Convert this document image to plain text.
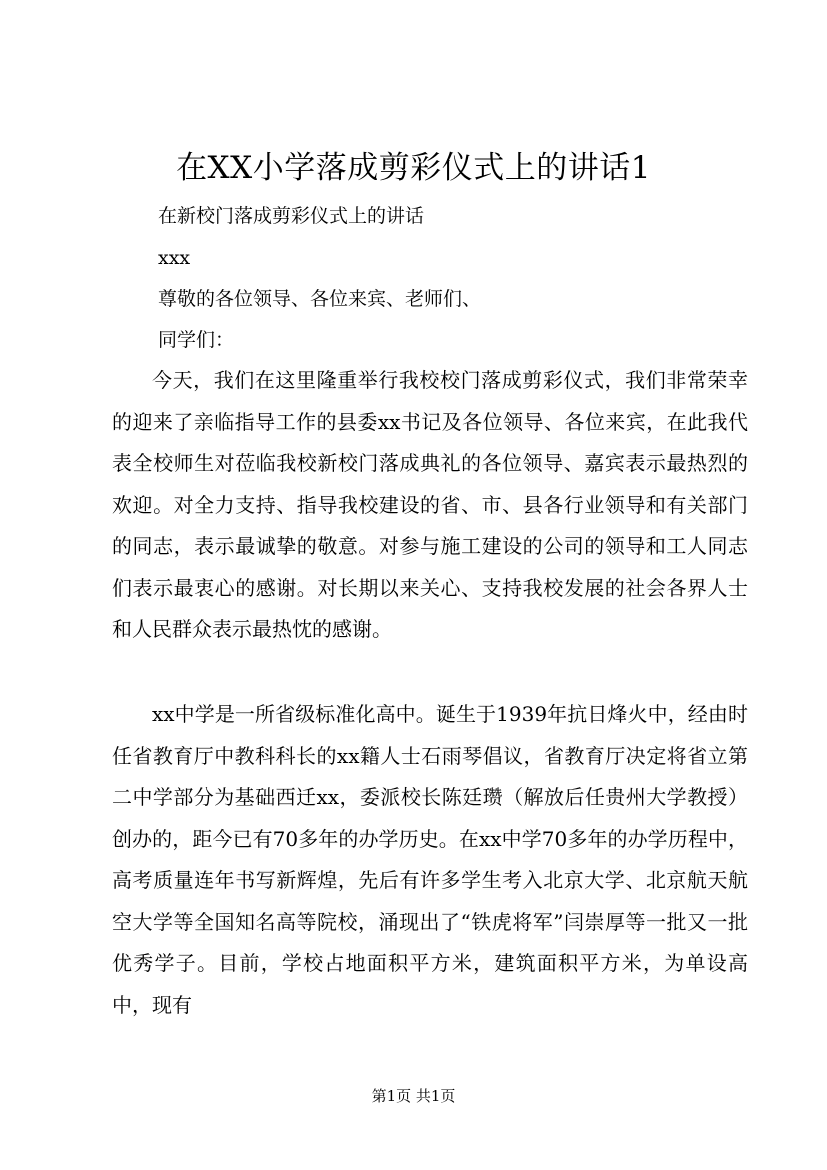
在XX小学落成剪彩仪式上的讲话1
在新校门落成剪彩仪式上的讲话
xxx
尊敬的各位领导、各位来宾、老师们、
同学们：

今天，我们在这里隆重举行我校校门落成剪彩仪式，我们非常荣幸的迎来了亲临指导工作的县委xx书记及各位领导、各位来宾，在此我代表全校师生对莅临我校新校门落成典礼的各位领导、嘉宾表示最热烈的欢迎。对全力支持、指导我校建设的省、市、县各行业领导和有关部门的同志，表示最诚挚的敬意。对参与施工建设的公司的领导和工人同志们表示最衷心的感谢。对长期以来关心、支持我校发展的社会各界人士和人民群众表示最热忱的感谢。

xx中学是一所省级标准化高中。诞生于1939年抗日烽火中，经由时任省教育厅中教科科长的xx籍人士石雨琴倡议，省教育厅决定将省立第二中学部分为基础西迁xx，委派校长陈廷瓒（解放后任贵州大学教授）创办的，距今已有70多年的办学历史。在xx中学70多年的办学历程中，高考质量连年书写新辉煌，先后有许多学生考入北京大学、北京航天航空大学等全国知名高等院校，涌现出了“铁虎将军”闫崇厚等一批又一批优秀学子。目前，学校占地面积平方米，建筑面积平方米，为单设高中，现有

第1页 共1页
